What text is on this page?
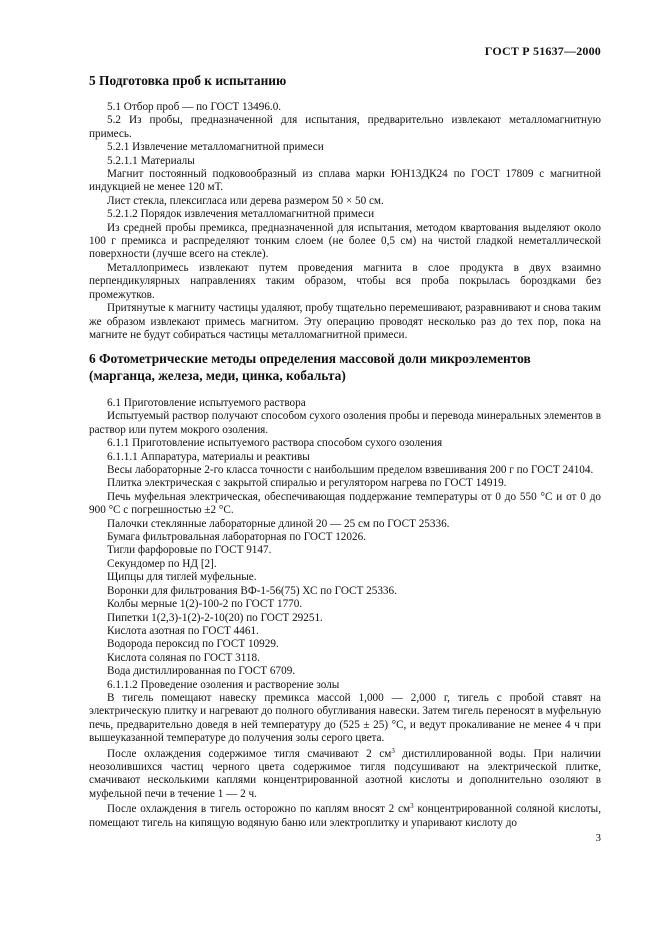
ГОСТ Р 51637—2000
5 Подготовка проб к испытанию

5.1 Отбор проб — по ГОСТ 13496.0.

5.2 Из пробы, предназначенной для испытания, предварительно извлекают металломагнитную примесь.

5.2.1 Извлечение металломагнитной примеси

5.2.1.1 Материалы

Магнит постоянный подковообразный из сплава марки ЮН13ДК24 по ГОСТ 17809 с магнитной индукцией не менее 120 мТ.

Лист стекла, плексигласа или дерева размером 50 × 50 см.

5.2.1.2 Порядок извлечения металломагнитной примеси

Из средней пробы премикса, предназначенной для испытания, методом квартования выделяют около 100 г премикса и распределяют тонким слоем (не более 0,5 см) на чистой гладкой неметаллической поверхности (лучше всего на стекле).

Металлопримесь извлекают путем проведения магнита в слое продукта в двух взаимно перпендикулярных направлениях таким образом, чтобы вся проба покрылась бороздками без промежутков.

Притянутые к магниту частицы удаляют, пробу тщательно перемешивают, разравнивают и снова таким же образом извлекают примесь магнитом. Эту операцию проводят несколько раз до тех пор, пока на магните не будут собираться частицы металломагнитной примеси.

6 Фотометрические методы определения массовой доли микроэлементов
(марганца, железа, меди, цинка, кобальта)

6.1 Приготовление испытуемого раствора

Испытуемый раствор получают способом сухого озоления пробы и перевода минеральных элементов в раствор или путем мокрого озоления.

6.1.1 Приготовление испытуемого раствора способом сухого озоления

6.1.1.1 Аппаратура, материалы и реактивы

Весы лабораторные 2-го класса точности с наибольшим пределом взвешивания 200 г по ГОСТ 24104.

Плитка электрическая с закрытой спиралью и регулятором нагрева по ГОСТ 14919.

Печь муфельная электрическая, обеспечивающая поддержание температуры от 0 до 550 °С и от 0 до 900 °С с погрешностью ±2 °С.

Палочки стеклянные лабораторные длиной 20 — 25 см по ГОСТ 25336.

Бумага фильтровальная лабораторная по ГОСТ 12026.

Тигли фарфоровые по ГОСТ 9147.

Секундомер по НД [2].

Щипцы для тиглей муфельные.

Воронки для фильтрования ВФ-1-56(75) ХС по ГОСТ 25336.

Колбы мерные 1(2)-100-2 по ГОСТ 1770.

Пипетки 1(2,3)-1(2)-2-10(20) по ГОСТ 29251.

Кислота азотная по ГОСТ 4461.

Водорода пероксид по ГОСТ 10929.

Кислота соляная по ГОСТ 3118.

Вода дистиллированная по ГОСТ 6709.

6.1.1.2 Проведение озоления и растворение золы

В тигель помещают навеску премикса массой 1,000 — 2,000 г, тигель с пробой ставят на электрическую плитку и нагревают до полного обугливания навески. Затем тигель переносят в муфельную печь, предварительно доведя в ней температуру до (525 ± 25) °С, и ведут прокаливание не менее 4 ч при вышеуказанной температуре до получения золы серого цвета.

После охлаждения содержимое тигля смачивают 2 $см^3$ дистиллированной воды. При наличии неозолившихся частиц черного цвета содержимое тигля подсушивают на электрической плитке, смачивают несколькими каплями концентрированной азотной кислоты и дополнительно озоляют в муфельной печи в течение 1 — 2 ч.

После охлаждения в тигель осторожно по каплям вносят 2 $см^3$ концентрированной соляной кислоты, помещают тигель на кипящую водяную баню или электроплитку и упаривают кислоту до

3
